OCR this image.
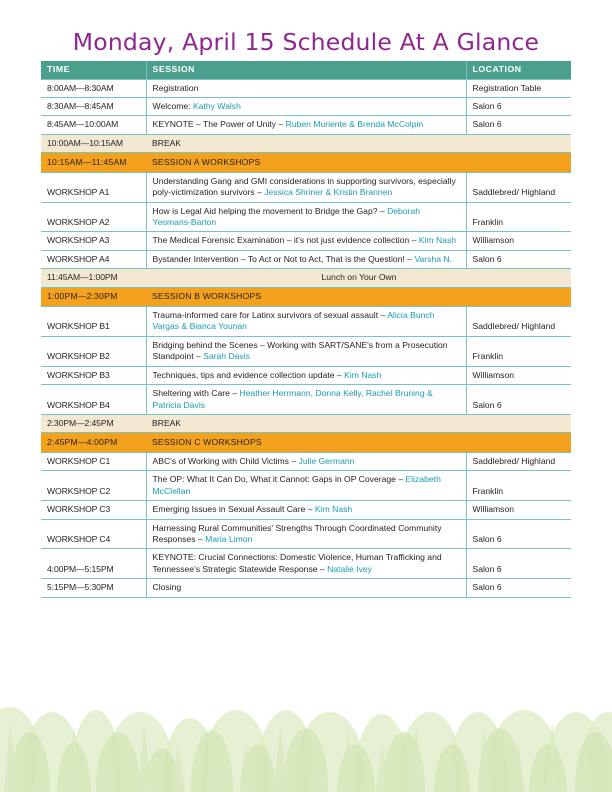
Monday, April 15 Schedule At A Glance
TIME	SESSION	LOCATION
8:00AM—8:30AM	Registration	Registration Table
8:30AM—8:45AM	Welcome: Kathy Walsh	Salon 6
8:45AM—10:00AM	KEYNOTE – The Power of Unity – Ruben Muriente & Brenda McColpin	Salon 6
10:00AM—10:15AM	BREAK	
10:15AM—11:45AM	SESSION A WORKSHOPS	
WORKSHOP A1	Understanding Gang and GMI considerations in supporting survivors, especially poly-victimization survivors – Jessica Shriner & Kristin Brannen	Saddlebred/ Highland
WORKSHOP A2	How is Legal Aid helping the movement to Bridge the Gap? – Deborah Yeomans-Barton	Franklin
WORKSHOP A3	The Medical Forensic Examination – it's not just evidence collection – Kim Nash	Williamson
WORKSHOP A4	Bystander Intervention – To Act or Not to Act, That is the Question! – Varsha N.	Salon 6
11:45AM—1:00PM	Lunch on Your Own	
1:00PM—2:30PM	SESSION B WORKSHOPS	
WORKSHOP B1	Trauma-informed care for Latinx survivors of sexual assault – Alicia Bunch Vargas & Bianca Younan	Saddlebred/ Highland
WORKSHOP B2	Bridging behind the Scenes – Working with SART/SANE's from a Prosecution Standpoint – Sarah Davis	Franklin
WORKSHOP B3	Techniques, tips and evidence collection update – Kim Nash	Williamson
WORKSHOP B4	Sheltering with Care – Heather Herrmann, Donna Kelly, Rachel Bruning & Patricia Davis	Salon 6
2:30PM—2:45PM	BREAK	
2:45PM—4:00PM	SESSION C WORKSHOPS	
WORKSHOP C1	ABC's of Working with Child Victims – Julie Germann	Saddlebred/ Highland
WORKSHOP C2	The OP: What It Can Do, What it Cannot: Gaps in OP Coverage – Elizabeth McClellan	Franklin
WORKSHOP C3	Emerging Issues in Sexual Assault Care – Kim Nash	Williamson
WORKSHOP C4	Harnessing Rural Communities' Strengths Through Coordinated Community Responses – Maria Limon	Salon 6
4:00PM—5:15PM	KEYNOTE: Crucial Connections: Domestic Violence, Human Trafficking and Tennessee's Strategic Statewide Response – Natalie Ivey	Salon 6
5:15PM—5:30PM	Closing	Salon 6
